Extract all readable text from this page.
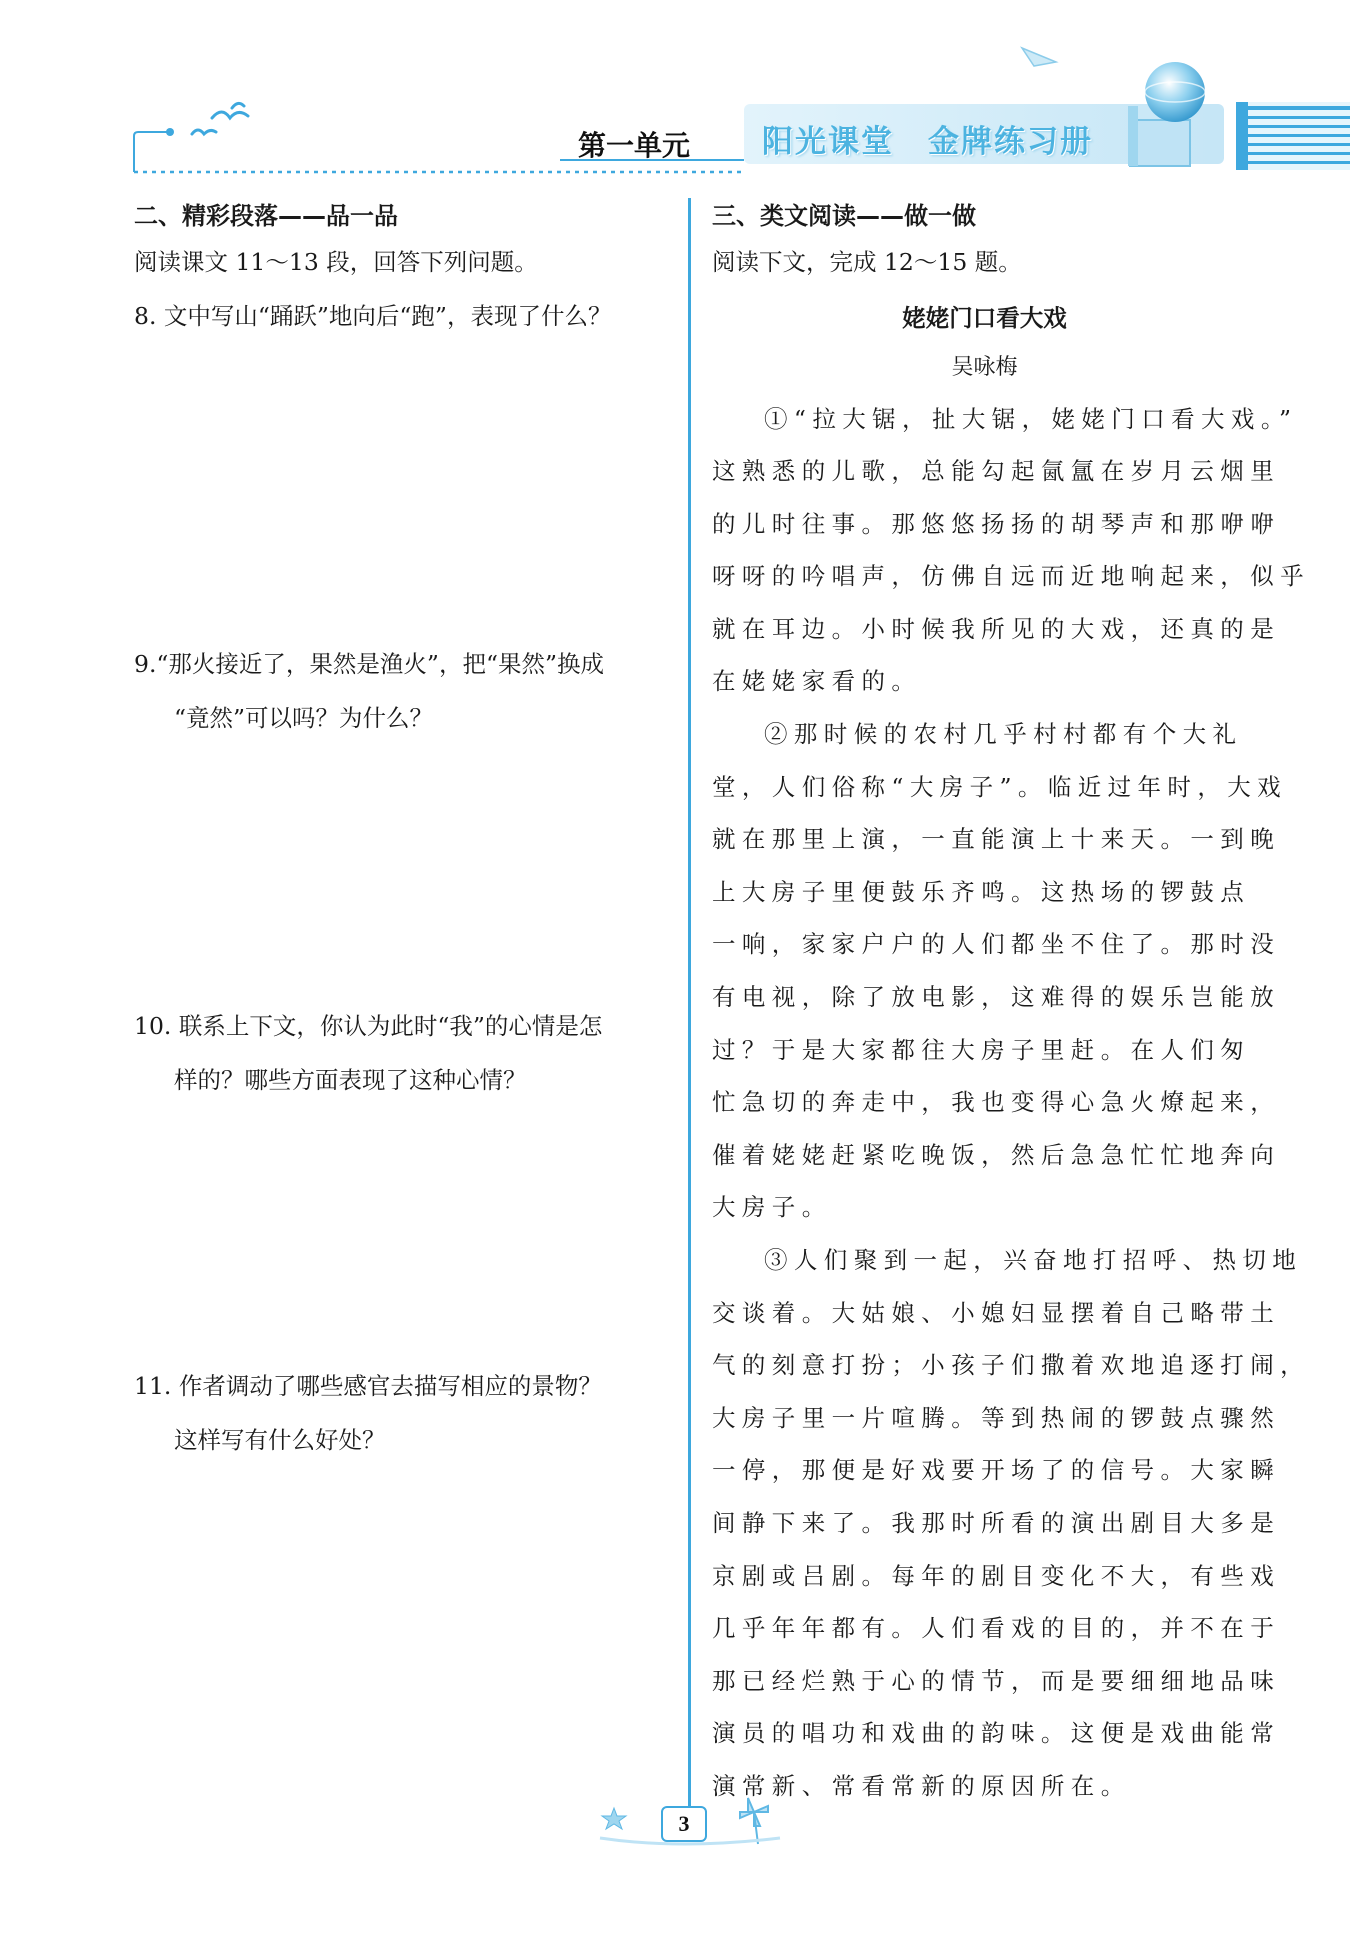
第一单元 阳光课堂 金牌练习册

二、精彩段落——品一品

阅读课文 11～13 段，回答下列问题。

8. 文中写山“踊跃”地向后“跑”，表现了什么？

9.“那火接近了，果然是渔火”，把“果然”换成

“竟然”可以吗？为什么？

10. 联系上下文，你认为此时“我”的心情是怎

样的？哪些方面表现了这种心情？

11. 作者调动了哪些感官去描写相应的景物？

这样写有什么好处？

三、类文阅读——做一做

阅读下文，完成 12～15 题。

姥姥门口看大戏

吴咏梅

①“拉大锯，扯大锯，姥姥门口看大戏。”

这熟悉的儿歌，总能勾起氤氲在岁月云烟里

的儿时往事。那悠悠扬扬的胡琴声和那咿咿

呀呀的吟唱声，仿佛自远而近地响起来，似乎

就在耳边。小时候我所见的大戏，还真的是

在姥姥家看的。

②那时候的农村几乎村村都有个大礼

堂，人们俗称“大房子”。临近过年时，大戏

就在那里上演，一直能演上十来天。一到晚

上大房子里便鼓乐齐鸣。这热场的锣鼓点

一响，家家户户的人们都坐不住了。那时没

有电视，除了放电影，这难得的娱乐岂能放

过？于是大家都往大房子里赶。在人们匆

忙急切的奔走中，我也变得心急火燎起来，

催着姥姥赶紧吃晚饭，然后急急忙忙地奔向

大房子。

③人们聚到一起，兴奋地打招呼、热切地

交谈着。大姑娘、小媳妇显摆着自己略带土

气的刻意打扮；小孩子们撒着欢地追逐打闹，

大房子里一片喧腾。等到热闹的锣鼓点骤然

一停，那便是好戏要开场了的信号。大家瞬

间静下来了。我那时所看的演出剧目大多是

京剧或吕剧。每年的剧目变化不大，有些戏

几乎年年都有。人们看戏的目的，并不在于

那已经烂熟于心的情节，而是要细细地品味

演员的唱功和戏曲的韵味。这便是戏曲能常

演常新、常看常新的原因所在。

3
